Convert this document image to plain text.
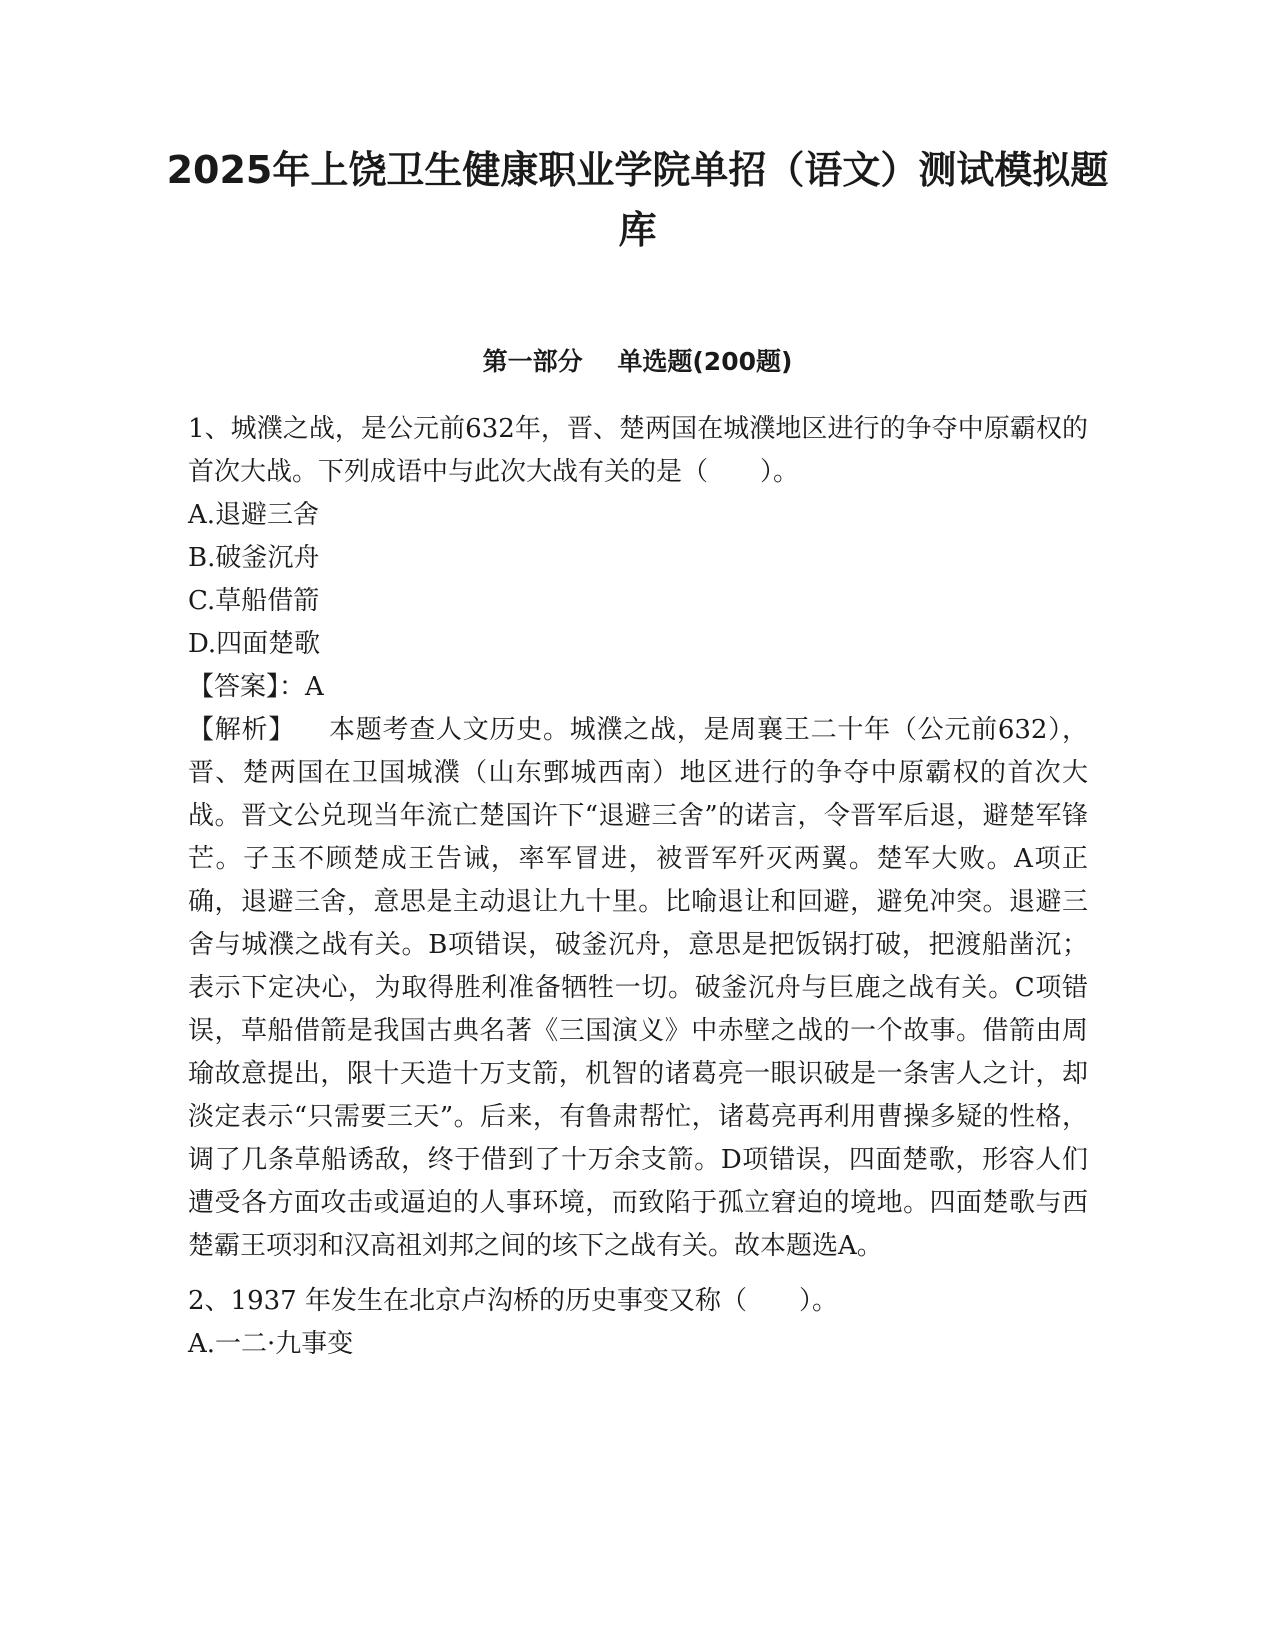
2025年上饶卫生健康职业学院单招（语文）测试模拟题库
第一部分    单选题(200题)

1、城濮之战，是公元前632年，晋、楚两国在城濮地区进行的争夺中原霸权的首次大战。下列成语中与此次大战有关的是（　　）。

A.退避三舍
B.破釜沉舟
C.草船借箭
D.四面楚歌

【答案】：A

【解析】 本题考查人文历史。城濮之战，是周襄王二十年（公元前632），晋、楚两国在卫国城濮（山东鄄城西南）地区进行的争夺中原霸权的首次大战。晋文公兑现当年流亡楚国许下“退避三舍”的诺言，令晋军后退，避楚军锋芒。子玉不顾楚成王告诫，率军冒进，被晋军歼灭两翼。楚军大败。A项正确，退避三舍，意思是主动退让九十里。比喻退让和回避，避免冲突。退避三舍与城濮之战有关。B项错误，破釜沉舟，意思是把饭锅打破，把渡船凿沉；表示下定决心，为取得胜利准备牺牲一切。破釜沉舟与巨鹿之战有关。C项错误，草船借箭是我国古典名著《三国演义》中赤壁之战的一个故事。借箭由周瑜故意提出，限十天造十万支箭，机智的诸葛亮一眼识破是一条害人之计，却淡定表示“只需要三天”。后来，有鲁肃帮忙，诸葛亮再利用曹操多疑的性格，调了几条草船诱敌，终于借到了十万余支箭。D项错误，四面楚歌，形容人们遭受各方面攻击或逼迫的人事环境，而致陷于孤立窘迫的境地。四面楚歌与西楚霸王项羽和汉高祖刘邦之间的垓下之战有关。故本题选A。

2、1937 年发生在北京卢沟桥的历史事变又称（　　）。

A.一二·九事变
